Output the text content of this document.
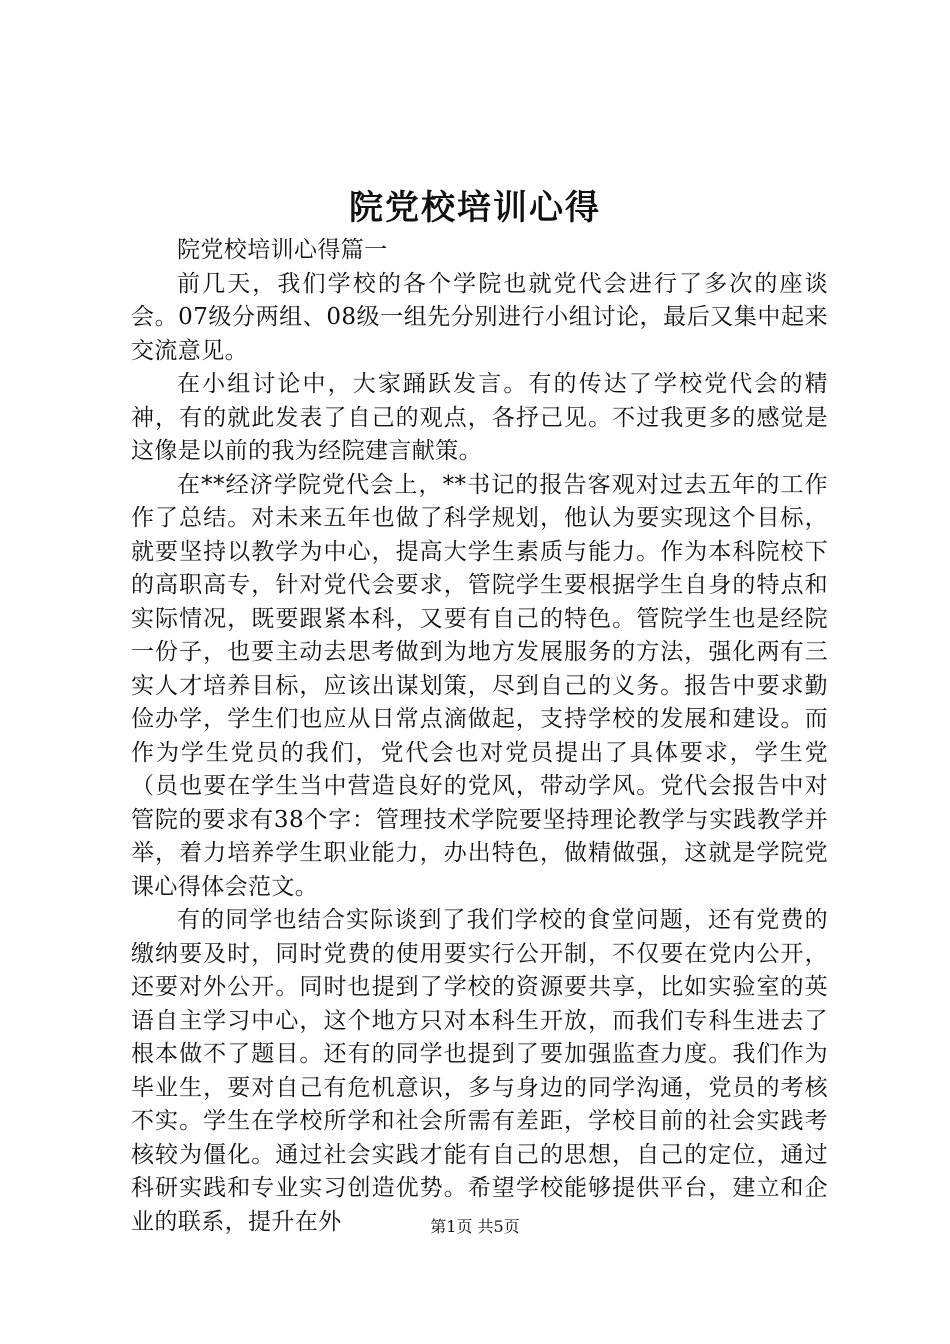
院党校培训心得

院党校培训心得篇一

前几天，我们学校的各个学院也就党代会进行了多次的座谈会。07级分两组、08级一组先分别进行小组讨论，最后又集中起来交流意见。

在小组讨论中，大家踊跃发言。有的传达了学校党代会的精神，有的就此发表了自己的观点，各抒己见。不过我更多的感觉是这像是以前的我为经院建言献策。

在**经济学院党代会上，**书记的报告客观对过去五年的工作作了总结。对未来五年也做了科学规划，他认为要实现这个目标，就要坚持以教学为中心，提高大学生素质与能力。作为本科院校下的高职高专，针对党代会要求，管院学生要根据学生自身的特点和实际情况，既要跟紧本科，又要有自己的特色。管院学生也是经院一份子，也要主动去思考做到为地方发展服务的方法，强化两有三实人才培养目标，应该出谋划策，尽到自己的义务。报告中要求勤俭办学，学生们也应从日常点滴做起，支持学校的发展和建设。而作为学生党员的我们，党代会也对党员提出了具体要求，学生党（员也要在学生当中营造良好的党风，带动学风。党代会报告中对管院的要求有38个字：管理技术学院要坚持理论教学与实践教学并举，着力培养学生职业能力，办出特色，做精做强，这就是学院党课心得体会范文。

有的同学也结合实际谈到了我们学校的食堂问题，还有党费的缴纳要及时，同时党费的使用要实行公开制，不仅要在党内公开，还要对外公开。同时也提到了学校的资源要共享，比如实验室的英语自主学习中心，这个地方只对本科生开放，而我们专科生进去了根本做不了题目。还有的同学也提到了要加强监查力度。我们作为毕业生，要对自己有危机意识，多与身边的同学沟通，党员的考核不实。学生在学校所学和社会所需有差距，学校目前的社会实践考核较为僵化。通过社会实践才能有自己的思想，自己的定位，通过科研实践和专业实习创造优势。希望学校能够提供平台，建立和企业的联系，提升在外	第1页 共5页
